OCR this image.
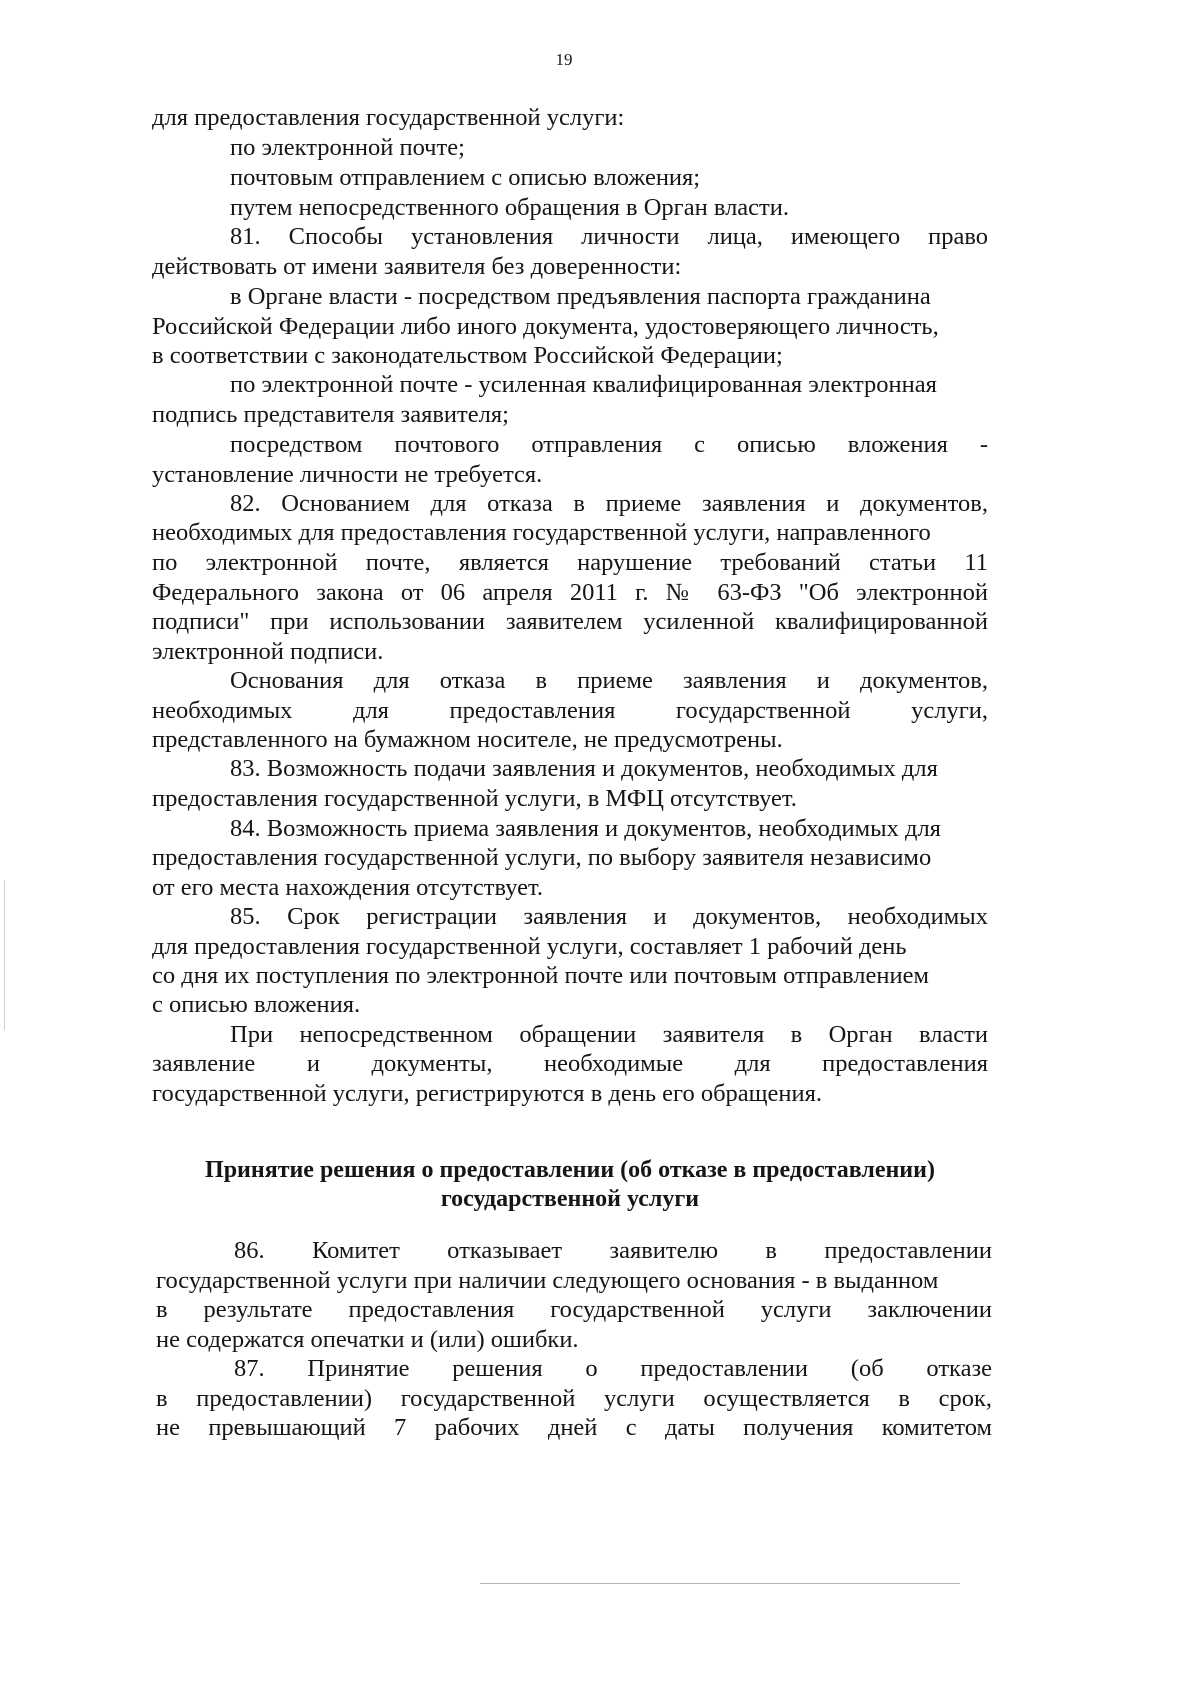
19
для предоставления государственной услуги:
по электронной почте;
почтовым отправлением с описью вложения;
путем непосредственного обращения в Орган власти.
81. Способы установления личности лица, имеющего право
действовать от имени заявителя без доверенности:
в Органе власти - посредством предъявления паспорта гражданина
Российской Федерации либо иного документа, удостоверяющего личность,
в соответствии с законодательством Российской Федерации;
по электронной почте - усиленная квалифицированная электронная
подпись представителя заявителя;
посредством почтового отправления с описью вложения -
установление личности не требуется.
82. Основанием для отказа в приеме заявления и документов,
необходимых для предоставления государственной услуги, направленного
по электронной почте, является нарушение требований статьи 11
Федерального закона от 06 апреля 2011 г. № 63-ФЗ "Об электронной
подписи" при использовании заявителем усиленной квалифицированной
электронной подписи.
Основания для отказа в приеме заявления и документов,
необходимых для предоставления государственной услуги,
представленного на бумажном носителе, не предусмотрены.
83. Возможность подачи заявления и документов, необходимых для
предоставления государственной услуги, в МФЦ отсутствует.
84. Возможность приема заявления и документов, необходимых для
предоставления государственной услуги, по выбору заявителя независимо
от его места нахождения отсутствует.
85. Срок регистрации заявления и документов, необходимых
для предоставления государственной услуги, составляет 1 рабочий день
со дня их поступления по электронной почте или почтовым отправлением
с описью вложения.
При непосредственном обращении заявителя в Орган власти
заявление и документы, необходимые для предоставления
государственной услуги, регистрируются в день его обращения.
Принятие решения о предоставлении (об отказе в предоставлении)
государственной услуги
86. Комитет отказывает заявителю в предоставлении
государственной услуги при наличии следующего основания - в выданном
в результате предоставления государственной услуги заключении
не содержатся опечатки и (или) ошибки.
87. Принятие решения о предоставлении (об отказе
в предоставлении) государственной услуги осуществляется в срок,
не превышающий 7 рабочих дней с даты получения комитетом
